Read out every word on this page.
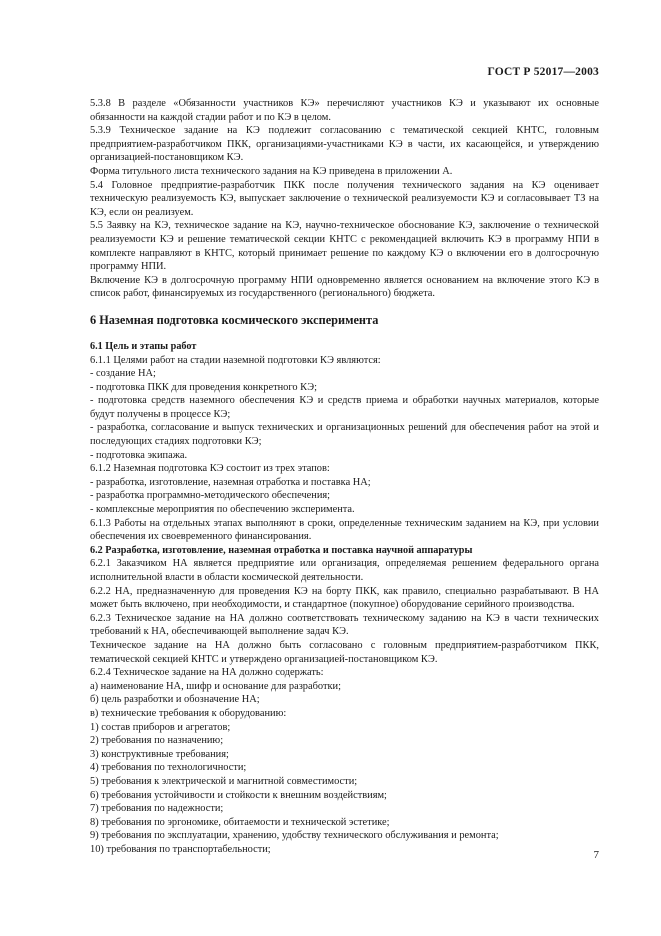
ГОСТ Р 52017—2003

5.3.8 В разделе «Обязанности участников КЭ» перечисляют участников КЭ и указывают их основные обязанности на каждой стадии работ и по КЭ в целом.

5.3.9 Техническое задание на КЭ подлежит согласованию с тематической секцией КНТС, головным предприятием-разработчиком ПКК, организациями-участниками КЭ в части, их касающейся, и утверждению организацией-постановщиком КЭ.

Форма титульного листа технического задания на КЭ приведена в приложении А.

5.4 Головное предприятие-разработчик ПКК после получения технического задания на КЭ оценивает техническую реализуемость КЭ, выпускает заключение о технической реализуемости КЭ и согласовывает ТЗ на КЭ, если он реализуем.

5.5 Заявку на КЭ, техническое задание на КЭ, научно-техническое обоснование КЭ, заключение о технической реализуемости КЭ и решение тематической секции КНТС с рекомендацией включить КЭ в программу НПИ в комплекте направляют в КНТС, который принимает решение по каждому КЭ о включении его в долгосрочную программу НПИ.

Включение КЭ в долгосрочную программу НПИ одновременно является основанием на включение этого КЭ в список работ, финансируемых из государственного (регионального) бюджета.

6 Наземная подготовка космического эксперимента
6.1 Цель и этапы работ

6.1.1 Целями работ на стадии наземной подготовки КЭ являются:

- создание НА;

- подготовка ПКК для проведения конкретного КЭ;

- подготовка средств наземного обеспечения КЭ и средств приема и обработки научных материалов, которые будут получены в процессе КЭ;

- разработка, согласование и выпуск технических и организационных решений для обеспечения работ на этой и последующих стадиях подготовки КЭ;

- подготовка экипажа.

6.1.2 Наземная подготовка КЭ состоит из трех этапов:

- разработка, изготовление, наземная отработка и поставка НА;

- разработка программно-методического обеспечения;

- комплексные мероприятия по обеспечению эксперимента.

6.1.3 Работы на отдельных этапах выполняют в сроки, определенные техническим заданием на КЭ, при условии обеспечения их своевременного финансирования.

6.2 Разработка, изготовление, наземная отработка и поставка научной аппаратуры

6.2.1 Заказчиком НА является предприятие или организация, определяемая решением федерального органа исполнительной власти в области космической деятельности.

6.2.2 НА, предназначенную для проведения КЭ на борту ПКК, как правило, специально разрабатывают. В НА может быть включено, при необходимости, и стандартное (покупное) оборудование серийного производства.

6.2.3 Техническое задание на НА должно соответствовать техническому заданию на КЭ в части технических требований к НА, обеспечивающей выполнение задач КЭ.

Техническое задание на НА должно быть согласовано с головным предприятием-разработчиком ПКК, тематической секцией КНТС и утверждено организацией-постановщиком КЭ.

6.2.4 Техническое задание на НА должно содержать:

а) наименование НА, шифр и основание для разработки;

б) цель разработки и обозначение НА;

в) технические требования к оборудованию:

1) состав приборов и агрегатов;

2) требования по назначению;

3) конструктивные требования;

4) требования по технологичности;

5) требования к электрической и магнитной совместимости;

6) требования устойчивости и стойкости к внешним воздействиям;

7) требования по надежности;

8) требования по эргономике, обитаемости и технической эстетике;

9) требования по эксплуатации, хранению, удобству технического обслуживания и ремонта;

10) требования по транспортабельности;	7
